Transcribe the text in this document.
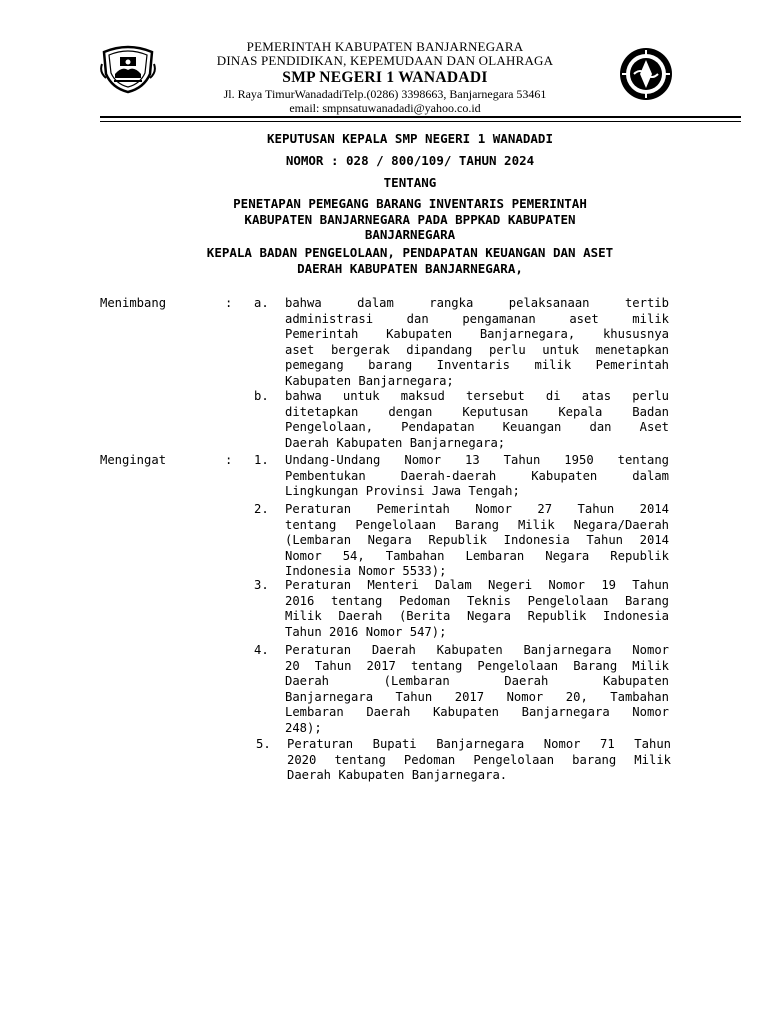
PEMERINTAH KABUPATEN BANJARNEGARA
DINAS PENDIDIKAN, KEPEMUDAAN DAN OLAHRAGA
SMP NEGERI 1 WANADADI
Jl. Raya TimurWanadadiTelp.(0286) 3398663, Banjarnegara 53461
email: smpnsatuwanadadi@yahoo.co.id
KEPUTUSAN KEPALA SMP NEGERI 1 WANADADI
NOMOR : 028 / 800/109/ TAHUN 2024
TENTANG
PENETAPAN PEMEGANG BARANG INVENTARIS PEMERINTAH
KABUPATEN BANJARNEGARA PADA BPPKAD KABUPATEN
BANJARNEGARA
KEPALA BADAN PENGELOLAAN, PENDAPATAN KEUANGAN DAN ASET
DAERAH KABUPATEN BANJARNEGARA,
Menimbang	: a. bahwa dalam rangka pelaksanaan tertib
administrasi dan pengamanan aset milik
Pemerintah Kabupaten Banjarnegara, khususnya
aset bergerak dipandang perlu untuk menetapkan
pemegang barang Inventaris milik Pemerintah
Kabupaten Banjarnegara;
b. bahwa untuk maksud tersebut di atas perlu
ditetapkan dengan Keputusan Kepala Badan
Pengelolaan, Pendapatan Keuangan dan Aset
Daerah Kabupaten Banjarnegara;
Mengingat	: 1. Undang-Undang Nomor 13 Tahun 1950 tentang
Pembentukan Daerah-daerah Kabupaten dalam
Lingkungan Provinsi Jawa Tengah;
2. Peraturan Pemerintah Nomor 27 Tahun 2014
tentang Pengelolaan Barang Milik Negara/Daerah
(Lembaran Negara Republik Indonesia Tahun 2014
Nomor 54, Tambahan Lembaran Negara Republik
Indonesia Nomor 5533);
3. Peraturan Menteri Dalam Negeri Nomor 19 Tahun
2016 tentang Pedoman Teknis Pengelolaan Barang
Milik Daerah (Berita Negara Republik Indonesia
Tahun 2016 Nomor 547);
4. Peraturan Daerah Kabupaten Banjarnegara Nomor
20 Tahun 2017 tentang Pengelolaan Barang Milik
Daerah (Lembaran Daerah Kabupaten
Banjarnegara Tahun 2017 Nomor 20, Tambahan
Lembaran Daerah Kabupaten Banjarnegara Nomor
248);
5. Peraturan Bupati Banjarnegara Nomor 71 Tahun
2020 tentang Pedoman Pengelolaan barang Milik
Daerah Kabupaten Banjarnegara.
